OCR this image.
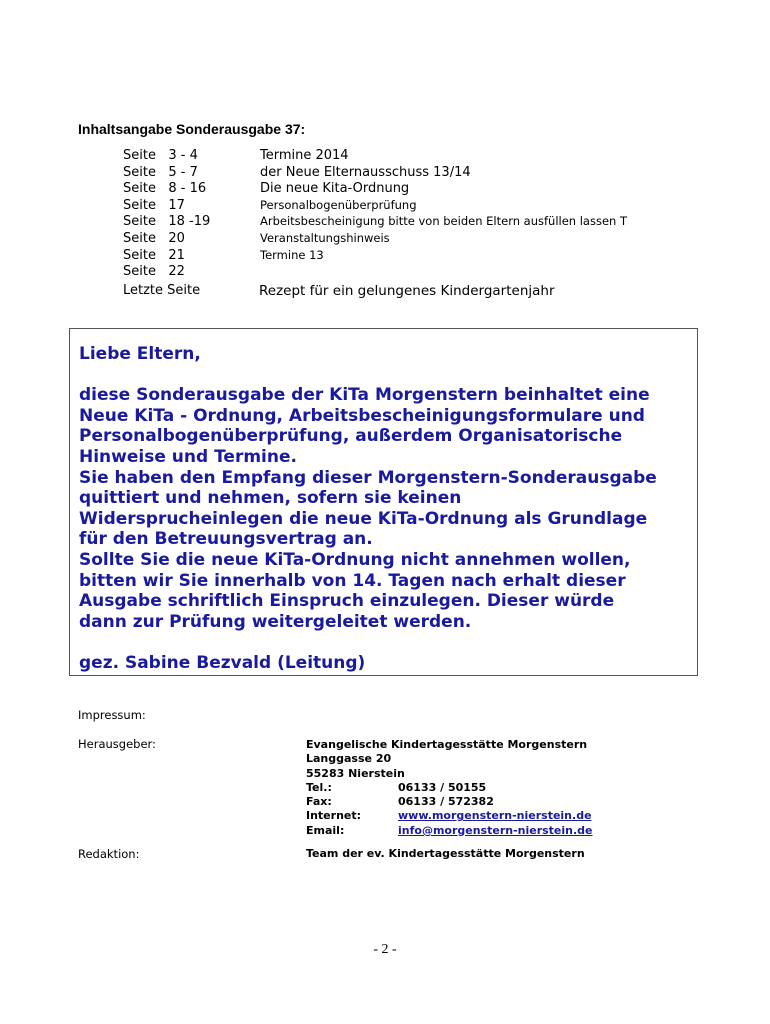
Inhaltsangabe Sonderausgabe 37:
Seite   3 - 4	Termine 2014
Seite   5 - 7	der Neue Elternausschuss 13/14
Seite   8 - 16	Die neue Kita-Ordnung
Seite   17	Personalbogenüberprüfung
Seite   18 -19	Arbeitsbescheinigung bitte von beiden Eltern ausfüllen lassen T
Seite   20	Veranstaltungshinweis
Seite   21	Termine 13
Seite   22
Letzte Seite	Rezept für ein gelungenes Kindergartenjahr

Liebe Eltern,

diese Sonderausgabe der KiTa Morgenstern beinhaltet eine

Neue KiTa - Ordnung, Arbeitsbescheinigungsformulare und

Personalbogenüberprüfung, außerdem Organisatorische

Hinweise und Termine.

Sie haben den Empfang dieser Morgenstern-Sonderausgabe

quittiert und nehmen, sofern sie keinen

Widersprucheinlegen die neue KiTa-Ordnung als Grundlage

für den Betreuungsvertrag an.

Sollte Sie die neue KiTa-Ordnung nicht annehmen wollen,

bitten wir Sie innerhalb von 14. Tagen nach erhalt dieser

Ausgabe schriftlich Einspruch einzulegen. Dieser würde

dann zur Prüfung weitergeleitet werden.

gez. Sabine Bezvald (Leitung)

Impressum:
Herausgeber:	Evangelische Kindertagesstätte Morgenstern
Langgasse 20
55283 Nierstein
Tel.:	06133 / 50155
Fax:	06133 / 572382
Internet:	www.morgenstern-nierstein.de
Email:	info@morgenstern-nierstein.de
Redaktion:	Team der ev. Kindertagesstätte Morgenstern
- 2 -
